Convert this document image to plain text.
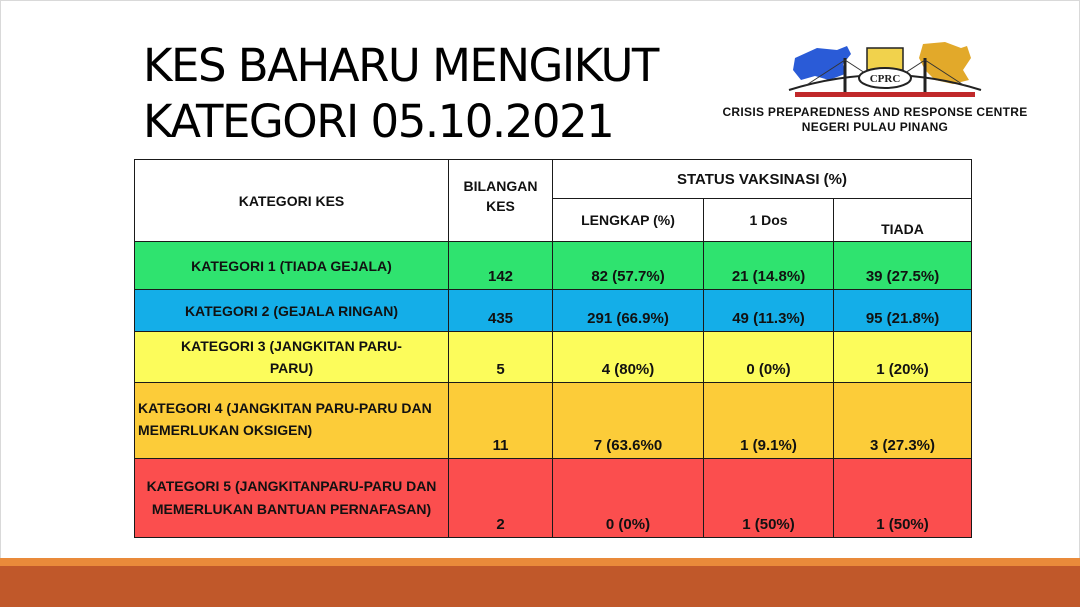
KES BAHARU MENGIKUT
KATEGORI 05.10.2021
CPRC
CRISIS PREPAREDNESS AND RESPONSE CENTRE
NEGERI PULAU PINANG
KATEGORI KES	BILANGAN KES	STATUS VAKSINASI (%)		
		LENGKAP (%)	1 Dos	TIADA
KATEGORI 1 (TIADA GEJALA)	142	82 (57.7%)	21 (14.8%)	39 (27.5%)
KATEGORI 2 (GEJALA RINGAN)	435	291 (66.9%)	49 (11.3%)	95 (21.8%)
KATEGORI 3 (JANGKITAN PARU-PARU)	5	4 (80%)	0 (0%)	1 (20%)
KATEGORI 4 (JANGKITAN PARU-PARU DAN MEMERLUKAN OKSIGEN)	11	7 (63.6%0	1 (9.1%)	3 (27.3%)
KATEGORI 5 (JANGKITANPARU-PARU DAN MEMERLUKAN BANTUAN PERNAFASAN)	2	0 (0%)	1 (50%)	1 (50%)
